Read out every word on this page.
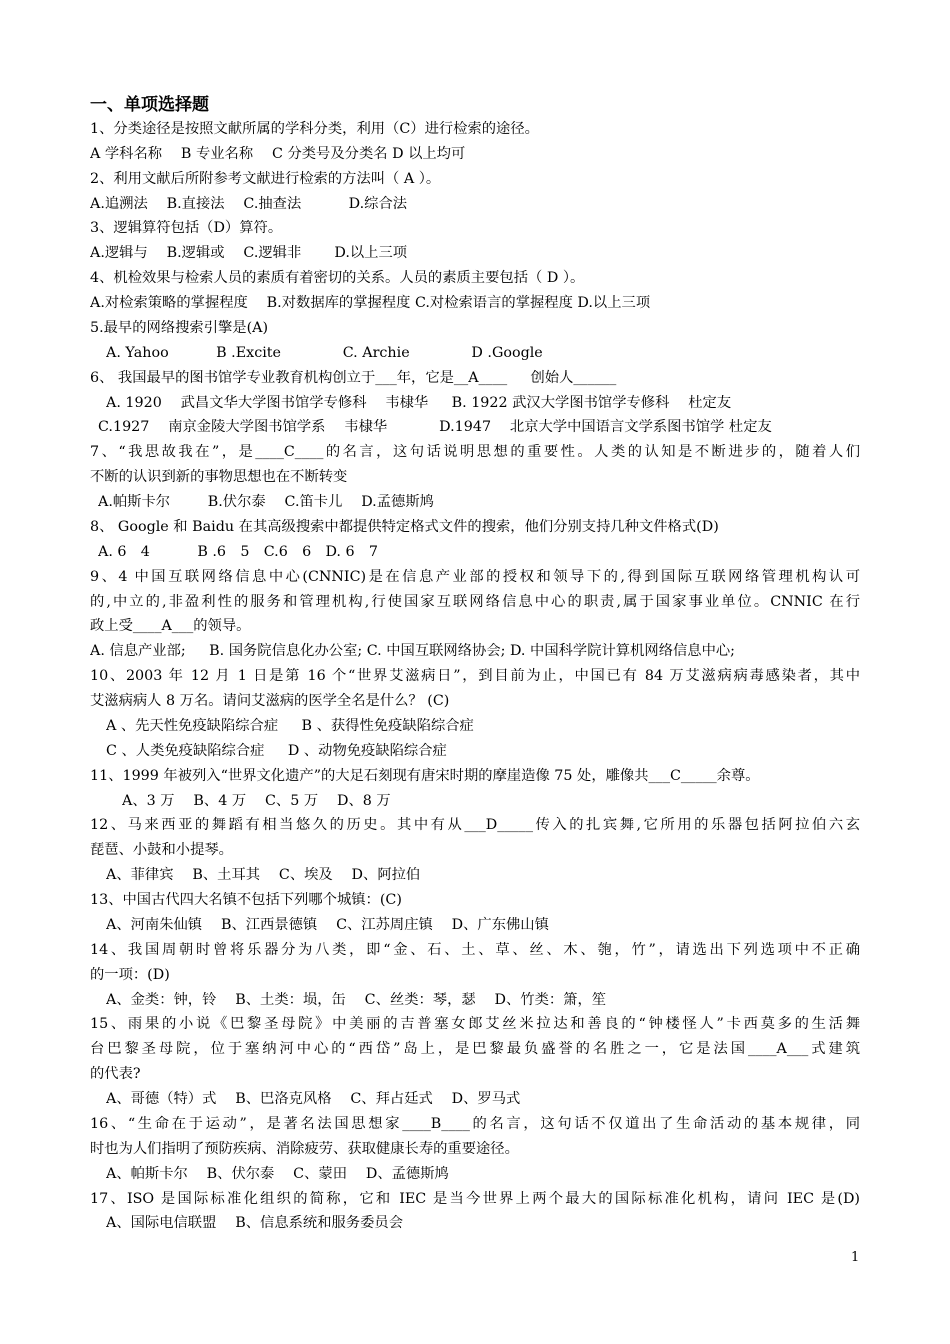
一、单项选择题
1、分类途径是按照文献所属的学科分类，利用（C）进行检索的途径。
A 学科名称　 B 专业名称　 C 分类号及分类名 D 以上均可
2、利用文献后所附参考文献进行检索的方法叫（ A ）。
A.追溯法　 B.直接法　 C.抽查法　　　 D.综合法
3、逻辑算符包括（D）算符。
A.逻辑与　 B.逻辑或　 C.逻辑非　　 D.以上三项
4、机检效果与检索人员的素质有着密切的关系。人员的素质主要包括（ D ）。
A.对检索策略的掌握程度　 B.对数据库的掌握程度 C.对检索语言的掌握程度 D.以上三项
5.最早的网络搜索引擎是(A)
A. Yahoo　　　 B .Excite　　　　 C. Archie　　　　 D .Google
6、 我国最早的图书馆学专业教育机构创立于___年，它是__A____ 　 创始人______
A. 1920 　武昌文华大学图书馆学专修科 　韦棣华 　 B. 1922 武汉大学图书馆学专修科 　杜定友
C.1927 　南京金陵大学图书馆学系 　韦棣华　 　　 D.1947 　北京大学中国语言文学系图书馆学 杜定友
7、“我思故我在”，是____C____的名言，这句话说明思想的重要性。人类的认知是不断进步的，随着人们
不断的认识到新的事物思想也在不断转变
A.帕斯卡尔 　　 B.伏尔泰　 C.笛卡儿　 D.孟德斯鸠
8、 Google 和 Baidu 在其高级搜索中都提供特定格式文件的搜索，他们分别支持几种文件格式(D)
A. 6　4　　　 B .6　5　C.6　6　D. 6　7
9、4 中国互联网络信息中心(CNNIC)是在信息产业部的授权和领导下的,得到国际互联网络管理机构认可
的,中立的,非盈利性的服务和管理机构,行使国家互联网络信息中心的职责,属于国家事业单位。CNNIC 在行
政上受____A___的领导。
A. 信息产业部; 　 B. 国务院信息化办公室; C. 中国互联网络协会; D. 中国科学院计算机网络信息中心;
10、2003 年 12 月 1 日是第 16 个“世界艾滋病日”，到目前为止，中国已有 84 万艾滋病病毒感染者，其中
艾滋病病人 8 万名。请问艾滋病的医学全名是什么？ (C)
A 、先天性免疫缺陷综合症 　 B 、获得性免疫缺陷综合症
C 、人类免疫缺陷综合症 　 D 、动物免疫缺陷综合症
11、1999 年被列入“世界文化遗产”的大足石刻现有唐宋时期的摩崖造像 75 处，雕像共___C_____余尊。
A、3 万　 B、4 万　 C、5 万　 D、8 万
12、马来西亚的舞蹈有相当悠久的历史。其中有从___D_____传入的扎宾舞,它所用的乐器包括阿拉伯六玄
琵琶、小鼓和小提琴。
A、菲律宾　 B、土耳其　 C、埃及　 D、阿拉伯
13、中国古代四大名镇不包括下列哪个城镇：(C)
A、河南朱仙镇　 B、江西景德镇　 C、江苏周庄镇　 D、广东佛山镇
14、我国周朝时曾将乐器分为八类，即“金、石、土、草、丝、木、匏，竹”，请选出下列选项中不正确
的一项：(D)
A、金类：钟，铃　 B、土类：埙，缶　 C、丝类：琴，瑟　 D、竹类：箫，笙
15、雨果的小说《巴黎圣母院》中美丽的吉普塞女郎艾丝米拉达和善良的“钟楼怪人”卡西莫多的生活舞
台巴黎圣母院，位于塞纳河中心的“西岱”岛上，是巴黎最负盛誉的名胜之一，它是法国____A___式建筑
的代表?
A、哥德（特）式　 B、巴洛克风格　 C、拜占廷式　 D、罗马式
16、“生命在于运动”，是著名法国思想家____B____的名言，这句话不仅道出了生命活动的基本规律，同
时也为人们指明了预防疾病、消除疲劳、获取健康长寿的重要途径。
A、帕斯卡尔　 B、伏尔泰　 C、蒙田　 D、孟德斯鸠
17、ISO 是国际标准化组织的简称，它和 IEC 是当今世界上两个最大的国际标准化机构，请问 IEC 是(D)
A、国际电信联盟　 B、信息系统和服务委员会
1
